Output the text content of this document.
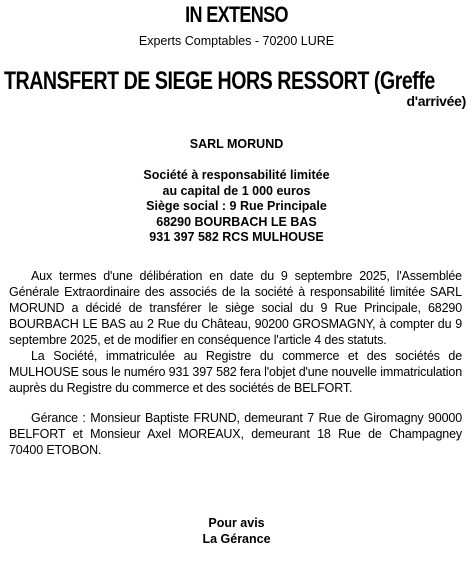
IN EXTENSO
Experts Comptables - 70200 LURE
TRANSFERT DE SIEGE HORS RESSORT (Greffe
d'arrivée)
SARL MORUND
Société à responsabilité limitée
au capital de 1 000 euros
Siège social : 9 Rue Principale
68290 BOURBACH LE BAS
931 397 582 RCS MULHOUSE
Aux termes d'une délibération en date du 9 septembre 2025, l'Assemblée Générale Extraordinaire des associés de la société à responsabilité limitée SARL MORUND a décidé de transférer le siège social du 9 Rue Principale, 68290 BOURBACH LE BAS au 2 Rue du Château, 90200 GROSMAGNY, à compter du 9 septembre 2025, et de modifier en conséquence l'article 4 des statuts.
La Société, immatriculée au Registre du commerce et des sociétés de MULHOUSE sous le numéro 931 397 582 fera l'objet d'une nouvelle immatriculation auprès du Registre du commerce et des sociétés de BELFORT.
Gérance : Monsieur Baptiste FRUND, demeurant 7 Rue de Giromagny 90000 BELFORT et Monsieur Axel MOREAUX, demeurant 18 Rue de Champagney 70400 ETOBON.
Pour avis
La Gérance
